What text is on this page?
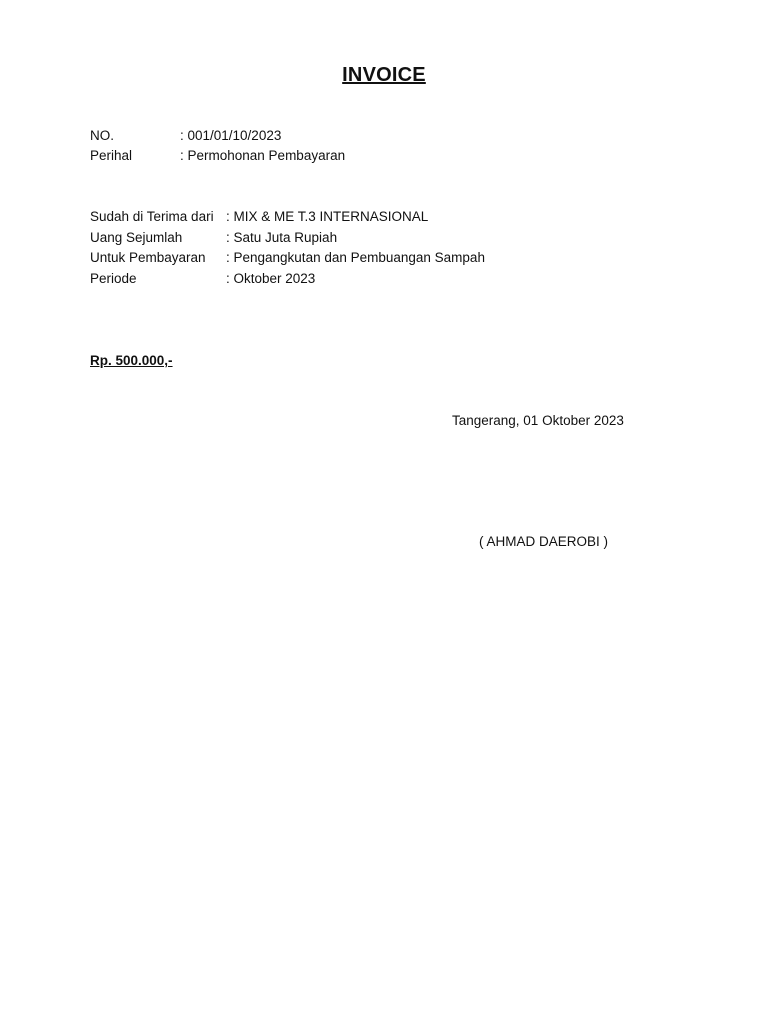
INVOICE
NO.	: 001/01/10/2023
Perihal	: Permohonan Pembayaran
Sudah di Terima dari : MIX & ME T.3 INTERNASIONAL
Uang Sejumlah	: Satu Juta Rupiah
Untuk Pembayaran : Pengangkutan dan Pembuangan Sampah
Periode	: Oktober 2023
Rp. 500.000,-
Tangerang, 01 Oktober 2023
( AHMAD DAEROBI )
